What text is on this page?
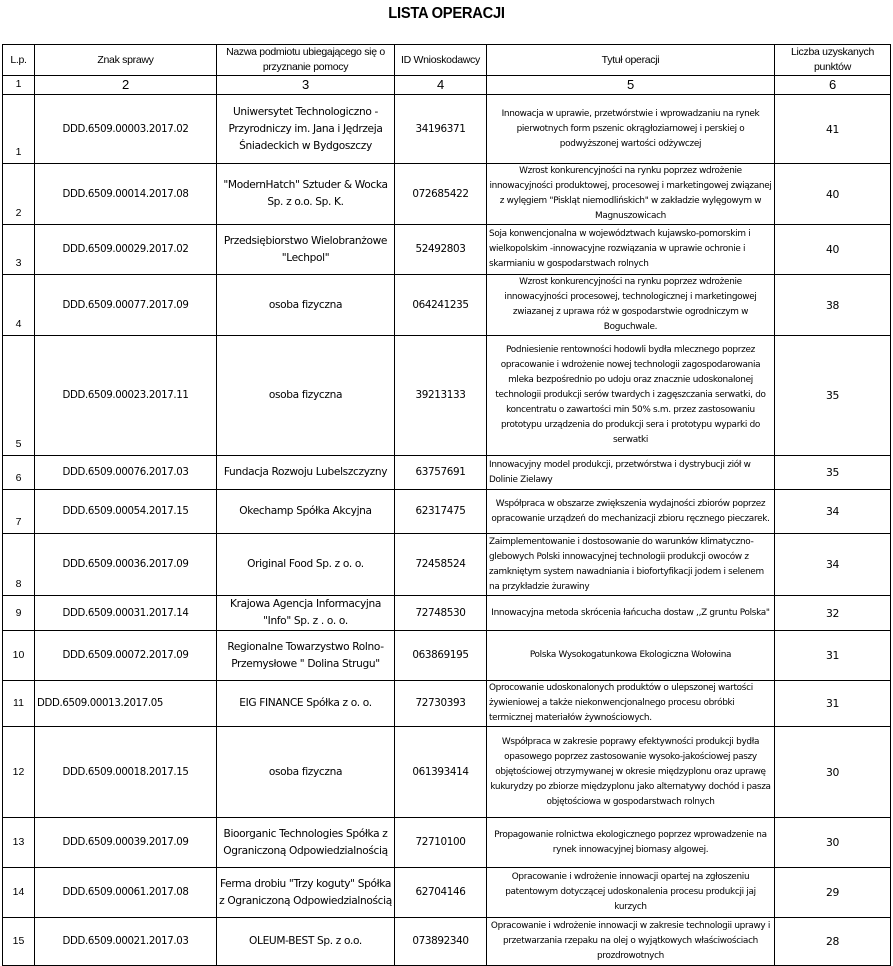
LISTA OPERACJI
L.p.	Znak sprawy	Nazwa podmiotu ubiegającego się o przyznanie pomocy	ID Wnioskodawcy	Tytuł operacji	Liczba uzyskanych punktów
1	2	3	4	5	6
1	DDD.6509.00003.2017.02	Uniwersytet Technologiczno - Przyrodniczy im. Jana i Jędrzeja Śniadeckich w Bydgoszczy	34196371	Innowacja w uprawie, przetwórstwie i wprowadzaniu na rynek pierwotnych form pszenic okrągłoziarnowej i perskiej o podwyższonej wartości odżywczej	41
2	DDD.6509.00014.2017.08	"ModernHatch" Sztuder & Wocka Sp. z o.o. Sp. K.	072685422	Wzrost konkurencyjności na rynku poprzez wdrożenie innowacyjności produktowej, procesowej i marketingowej związanej z wylęgiem "Piskląt niemodlińskich" w zakładzie wylęgowym w Magnuszowicach	40
3	DDD.6509.00029.2017.02	Przedsiębiorstwo Wielobranżowe "Lechpol"	52492803	Soja konwencjonalna w województwach kujawsko-pomorskim i wielkopolskim -innowacyjne rozwiązania w uprawie ochronie i skarmianiu w gospodarstwach rolnych	40
4	DDD.6509.00077.2017.09	osoba fizyczna	064241235	Wzrost konkurencyjności na rynku poprzez wdrożenie innowacyjności procesowej, technologicznej i marketingowej zwiazanej z uprawa róż w gospodarstwie ogrodniczym w Boguchwale.	38
5	DDD.6509.00023.2017.11	osoba fizyczna	39213133	Podniesienie rentowności hodowli bydła mlecznego poprzez opracowanie i wdrożenie nowej technologii zagospodarowania mleka bezpośrednio po udoju oraz znacznie udoskonalonej technologii produkcji serów twardych i zagęszczania serwatki, do koncentratu o zawartości min 50% s.m. przez zastosowaniu prototypu urządzenia do produkcji sera i prototypu wyparki do serwatki	35
6	DDD.6509.00076.2017.03	Fundacja Rozwoju Lubelszczyzny	63757691	Innowacyjny model produkcji, przetwórstwa i dystrybucji ziół w Dolinie Zielawy	35
7	DDD.6509.00054.2017.15	Okechamp Spółka Akcyjna	62317475	Współpraca w obszarze zwiększenia wydajności zbiorów poprzez opracowanie urządzeń do mechanizacji zbioru ręcznego pieczarek.	34
8	DDD.6509.00036.2017.09	Original Food Sp. z o. o.	72458524	Zaimplementowanie i dostosowanie do warunków klimatyczno-glebowych Polski innowacyjnej technologii produkcji owoców z zamkniętym system nawadniania i biofortyfikacji jodem i selenem na przykładzie żurawiny	34
9	DDD.6509.00031.2017.14	Krajowa Agencja Informacyjna "Info" Sp. z . o. o.	72748530	Innowacyjna metoda skrócenia łańcucha dostaw ,,Z gruntu Polska"	32
10	DDD.6509.00072.2017.09	Regionalne Towarzystwo Rolno-Przemysłowe " Dolina Strugu"	063869195	Polska Wysokogatunkowa Ekologiczna Wołowina	31
11	DDD.6509.00013.2017.05	EIG FINANCE Spółka z o. o.	72730393	Oprocowanie udoskonalonych produktów o ulepszonej wartości żywieniowej a także niekonwencjonalnego procesu obróbki termicznej materiałów żywnościowych.	31
12	DDD.6509.00018.2017.15	osoba fizyczna	061393414	Współpraca w zakresie poprawy efektywności produkcji bydła opasowego poprzez zastosowanie wysoko-jakościowej paszy objętościowej otrzymywanej w okresie międzyplonu oraz uprawę kukurydzy po zbiorze międzyplonu jako alternatywy dochód i pasza objętościowa w gospodarstwach rolnych	30
13	DDD.6509.00039.2017.09	Bioorganic Technologies Spółka z Ograniczoną Odpowiedzialnością	72710100	Propagowanie rolnictwa ekologicznego poprzez wprowadzenie na rynek innowacyjnej biomasy algowej.	30
14	DDD.6509.00061.2017.08	Ferma drobiu "Trzy koguty" Spółka z Ograniczoną Odpowiedzialnością	62704146	Opracowanie i wdrożenie innowacji opartej na zgłoszeniu patentowym dotyczącej udoskonalenia procesu produkcji jaj kurzych	29
15	DDD.6509.00021.2017.03	OLEUM-BEST Sp. z o.o.	073892340	Opracowanie i wdrożenie innowacji w zakresie technologii uprawy i przetwarzania rzepaku na olej o wyjątkowych właściwościach prozdrowotnych	28
